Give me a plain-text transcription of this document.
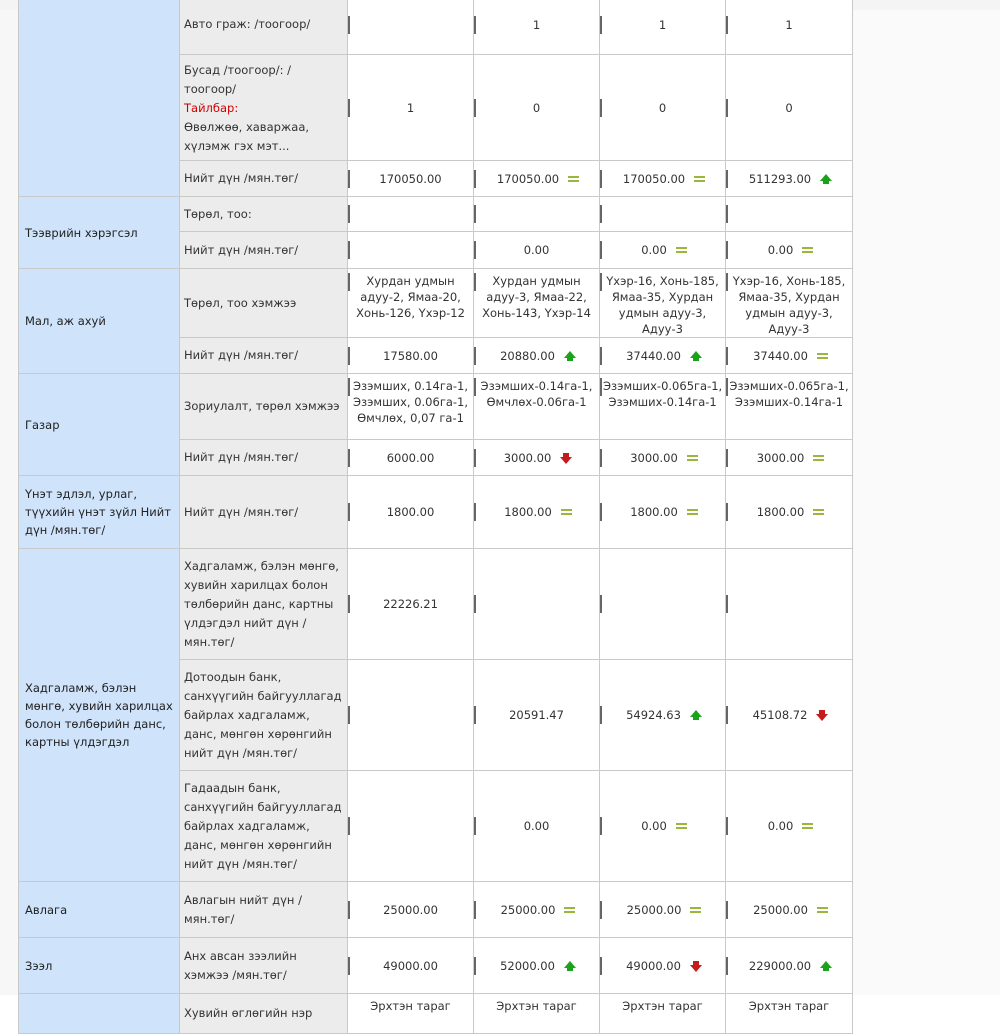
	Авто граж: /тоогоор/		1	1	1

	Бусад /тоогоор/: /тоогоор/
Тайлбар:
Өвөлжөө, хаваржаа, хүлэмж гэх мэт...	1	0	0	0
	Нийт дүн /мян.төг/	170050.00	170050.00	170050.00	511293.00
Тээврийн хэрэгсэл	Төрөл, тоо:	

	Нийт дүн /мян.төг/		0.00	0.00	0.00
Мал, аж ахуй	Төрөл, тоо хэмжээ	Хурдан удмын адуу-2, Ямаа-20, Хонь-126, Үхэр-12	Хурдан удмын адуу-3, Ямаа-22, Хонь-143, Үхэр-14	Үхэр-16, Хонь-185, Ямаа-35, Хурдан удмын адуу-3, Адуу-3	Үхэр-16, Хонь-185, Ямаа-35, Хурдан удмын адуу-3, Адуу-3
	Нийт дүн /мян.төг/	17580.00	20880.00	37440.00	37440.00
Газар	Зориулалт, төрөл хэмжээ	Эзэмших, 0.14га-1, Эзэмших, 0.06га-1, Өмчлөх, 0,07 га-1	Эзэмших-0.14га-1, Өмчлөх-0.06га-1	Эзэмших-0.065га-1, Эзэмших-0.14га-1	Эзэмших-0.065га-1, Эзэмших-0.14га-1
	Нийт дүн /мян.төг/	6000.00	3000.00	3000.00	3000.00
Үнэт эдлэл, урлаг, түүхийн үнэт зүйл Нийт дүн /мян.төг/	Нийт дүн /мян.төг/	1800.00	1800.00	1800.00	1800.00
Хадгаламж, бэлэн мөнгө, хувийн харилцах болон төлбөрийн данс, картны үлдэгдэл	Хадгаламж, бэлэн мөнгө, хувийн харилцах болон төлбөрийн данс, картны үлдэгдэл нийт дүн /мян.төг/	22226.21	

	Дотоодын банк, санхүүгийн байгууллагад байрлах хадгаламж, данс, мөнгөн хөрөнгийн нийт дүн /мян.төг/		20591.47	54924.63	45108.72
	Гадаадын банк, санхүүгийн байгууллагад байрлах хадгаламж, данс, мөнгөн хөрөнгийн нийт дүн /мян.төг/		0.00	0.00	0.00
Авлага	Авлагын нийт дүн /мян.төг/	25000.00	25000.00	25000.00	25000.00
Зээл	Анх авсан зээлийн хэмжээ /мян.төг/	49000.00	52000.00	49000.00	229000.00
	Хувийн өглөгийн нэр	Эрхтэн тараг	Эрхтэн тараг	Эрхтэн тараг	Эрхтэн тараг
